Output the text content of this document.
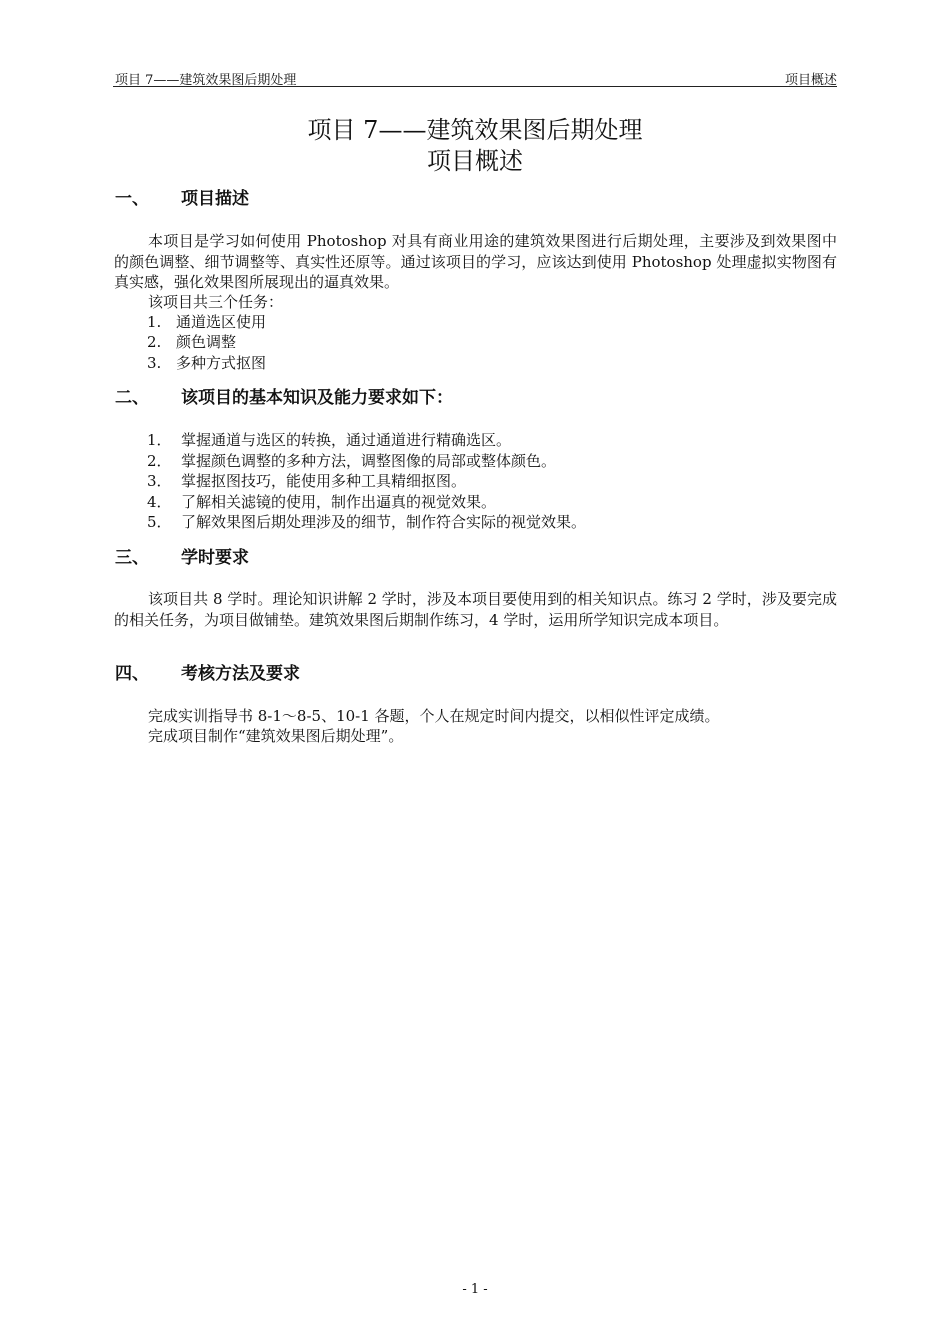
项目 7——建筑效果图后期处理	项目概述
项目 7——建筑效果图后期处理
项目概述
一、 项目描述
本项目是学习如何使用 Photoshop 对具有商业用途的建筑效果图进行后期处理，主要涉及到效果图中的颜色调整、细节调整等、真实性还原等。通过该项目的学习，应该达到使用 Photoshop 处理虚拟实物图有真实感，强化效果图所展现出的逼真效果。
该项目共三个任务：
1. 通道选区使用
2. 颜色调整
3. 多种方式抠图
二、 该项目的基本知识及能力要求如下：
1． 掌握通道与选区的转换，通过通道进行精确选区。
2． 掌握颜色调整的多种方法，调整图像的局部或整体颜色。
3． 掌握抠图技巧，能使用多种工具精细抠图。
4． 了解相关滤镜的使用，制作出逼真的视觉效果。
5． 了解效果图后期处理涉及的细节，制作符合实际的视觉效果。
三、 学时要求
该项目共 8 学时。理论知识讲解 2 学时，涉及本项目要使用到的相关知识点。练习 2 学时，涉及要完成的相关任务，为项目做铺垫。建筑效果图后期制作练习，4 学时，运用所学知识完成本项目。
四、 考核方法及要求
完成实训指导书 8-1～8-5、10-1 各题，个人在规定时间内提交，以相似性评定成绩。
完成项目制作“建筑效果图后期处理”。
- 1 -
